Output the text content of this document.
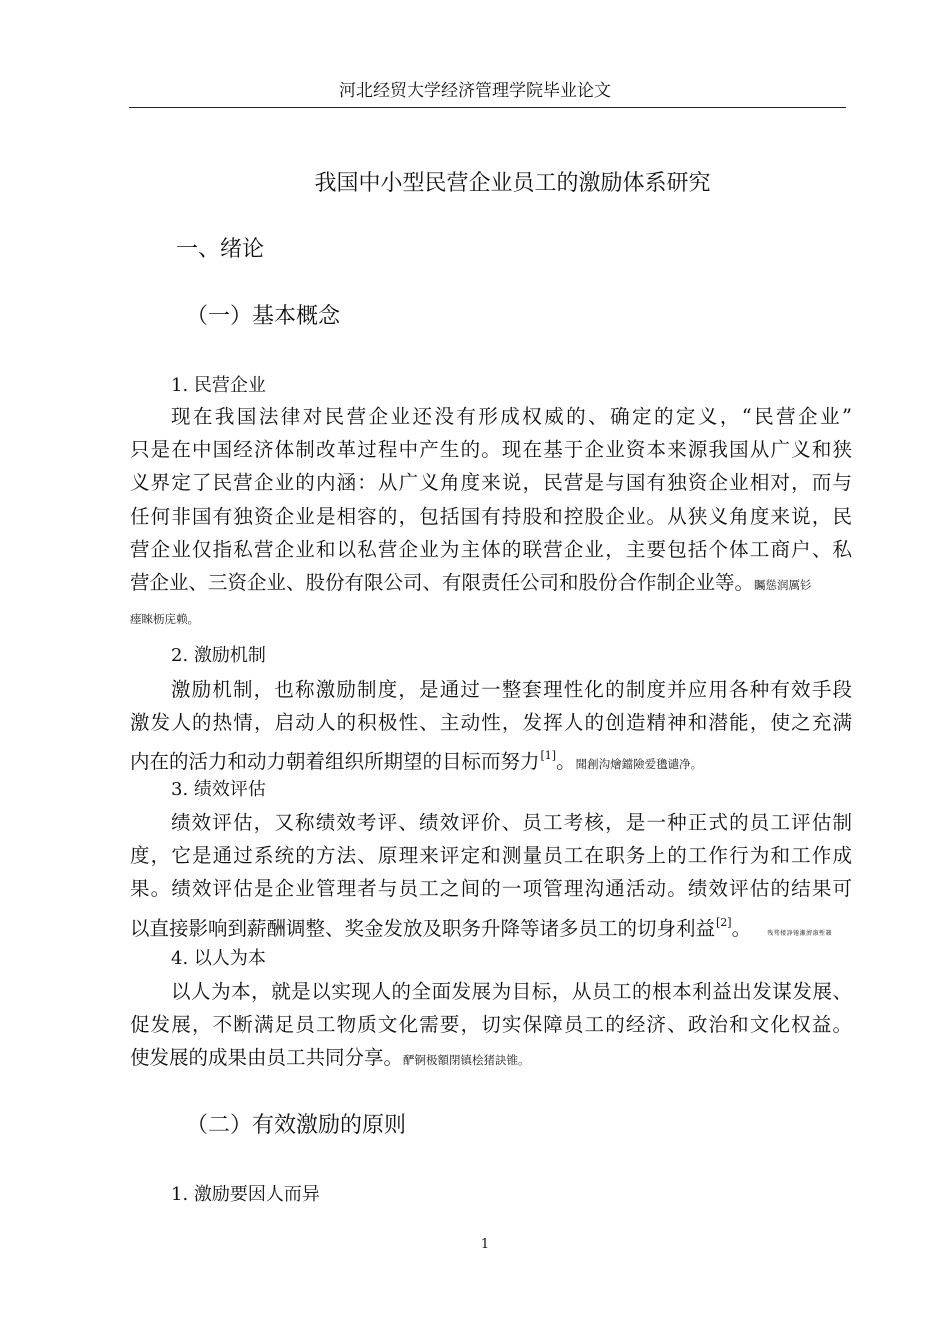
河北经贸大学经济管理学院毕业论文
我国中小型民营企业员工的激励体系研究
一、绪论
（一）基本概念
1. 民营企业
现在我国法律对民营企业还没有形成权威的、确定的定义，“民营企业”
只是在中国经济体制改革过程中产生的。现在基于企业资本来源我国从广义和狭
义界定了民营企业的内涵：从广义角度来说，民营是与国有独资企业相对，而与
任何非国有独资企业是相容的，包括国有持股和控股企业。从狭义角度来说，民
营企业仅指私营企业和以私营企业为主体的联营企业，主要包括个体工商户、私
营企业、三资企业、股份有限公司、有限责任公司和股份合作制企业等。矚慫润厲钐
瘗睞枥庑赖。
2. 激励机制
激励机制，也称激励制度，是通过一整套理性化的制度并应用各种有效手段
激发人的热情，启动人的积极性、主动性，发挥人的创造精神和潜能，使之充满
内在的活力和动力朝着组织所期望的目标而努力[1]。聞創沟燴鐺險爱氇谴净。
3. 绩效评估
绩效评估，又称绩效考评、绩效评价、员工考核，是一种正式的员工评估制
度，它是通过系统的方法、原理来评定和测量员工在职务上的工作行为和工作成
果。绩效评估是企业管理者与员工之间的一项管理沟通活动。绩效评估的结果可
以直接影响到薪酬调整、奖金发放及职务升降等诸多员工的切身利益[2]。	残骛楼諍锩瀨濟溆塹籟
4. 以人为本
以人为本，就是以实现人的全面发展为目标，从员工的根本利益出发谋发展、
促发展，不断满足员工物质文化需要，切实保障员工的经济、政治和文化权益。
使发展的成果由员工共同分享。酽锕极額閉镇桧猪訣锥。
（二）有效激励的原则
1. 激励要因人而异
1
